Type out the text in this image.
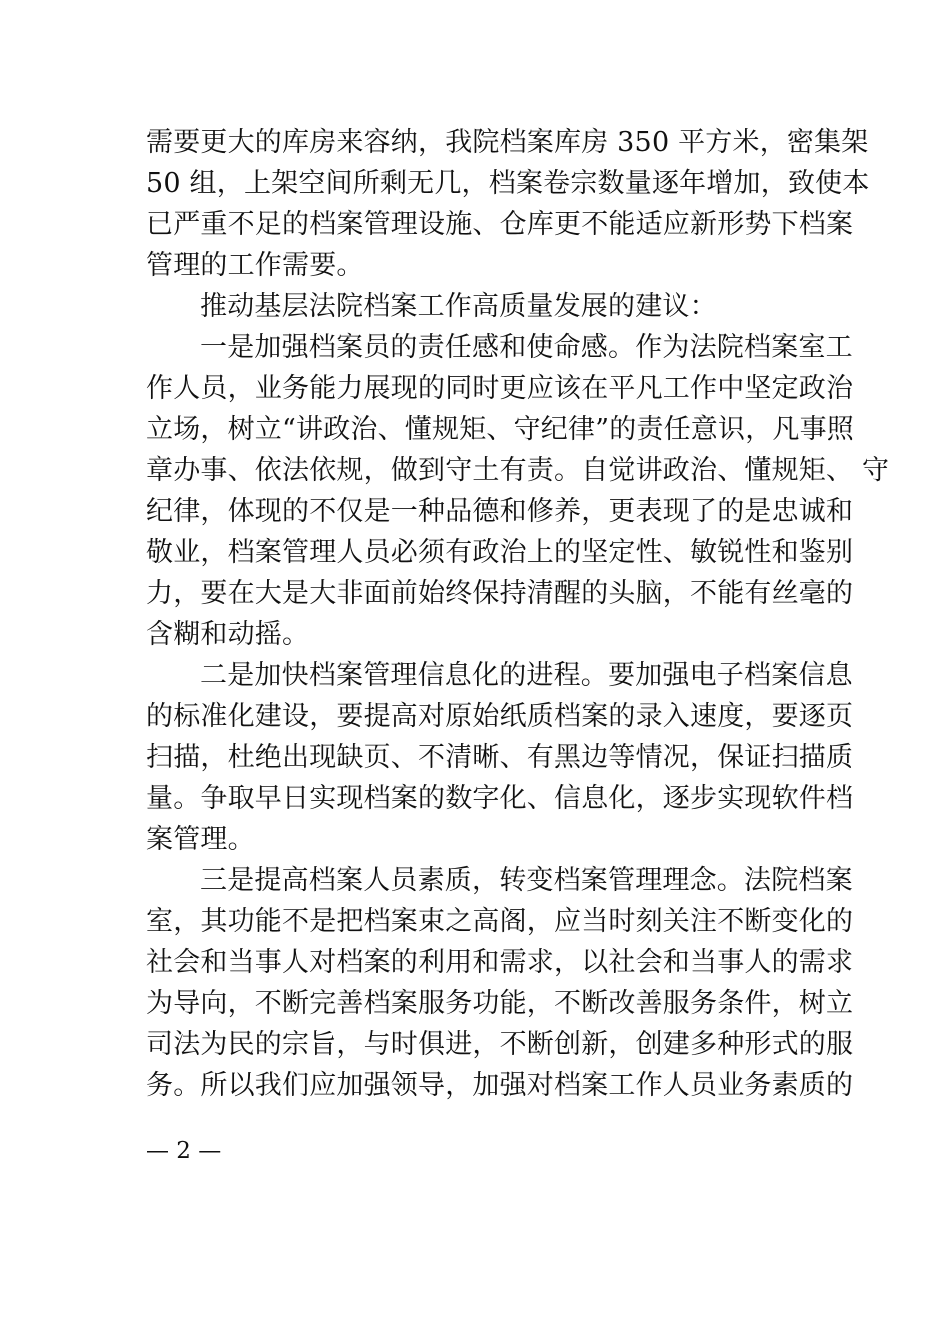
需要更大的库房来容纳，我院档案库房 350 平方米，密集架
50 组，上架空间所剩无几，档案卷宗数量逐年增加，致使本
已严重不足的档案管理设施、仓库更不能适应新形势下档案
管理的工作需要。
推动基层法院档案工作高质量发展的建议：
一是加强档案员的责任感和使命感。作为法院档案室工
作人员，业务能力展现的同时更应该在平凡工作中坚定政治
立场，树立“讲政治、懂规矩、守纪律”的责任意识，凡事照
章办事、依法依规，做到守土有责。自觉讲政治、懂规矩、 守
纪律，体现的不仅是一种品德和修养，更表现了的是忠诚和
敬业，档案管理人员必须有政治上的坚定性、敏锐性和鉴别
力，要在大是大非面前始终保持清醒的头脑，不能有丝毫的
含糊和动摇。
二是加快档案管理信息化的进程。要加强电子档案信息
的标准化建设，要提高对原始纸质档案的录入速度，要逐页
扫描，杜绝出现缺页、不清晰、有黑边等情况，保证扫描质
量。争取早日实现档案的数字化、信息化，逐步实现软件档
案管理。
三是提高档案人员素质，转变档案管理理念。法院档案
室，其功能不是把档案束之高阁，应当时刻关注不断变化的
社会和当事人对档案的利用和需求，以社会和当事人的需求
为导向，不断完善档案服务功能，不断改善服务条件，树立
司法为民的宗旨，与时俱进，不断创新，创建多种形式的服
务。所以我们应加强领导，加强对档案工作人员业务素质的
— 2 —
